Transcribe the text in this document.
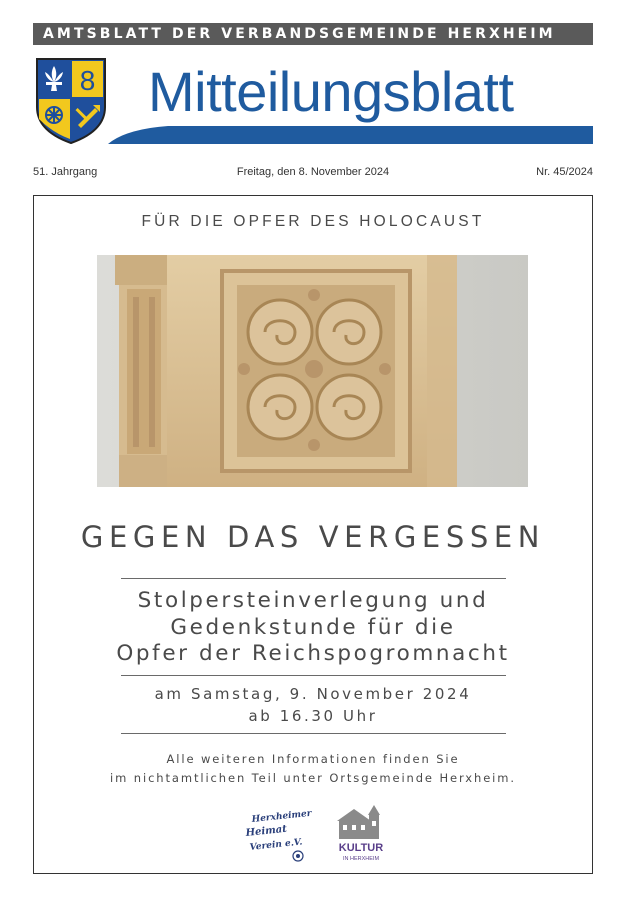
AMTSBLATT DER VERBANDSGEMEINDE HERXHEIM
8 Mitteilungsblatt
51. Jahrgang	Freitag, den 8. November 2024	Nr. 45/2024
FÜR DIE OPFER DES HOLOCAUST
GEGEN DAS VERGESSEN
Stolpersteinverlegung und
Gedenkstunde für die
Opfer der Reichspogromnacht
am Samstag, 9. November 2024
ab 16.30 Uhr
Alle weiteren Informationen finden Sie
im nichtamtlichen Teil unter Ortsgemeinde Herxheim.
Herxheimer
Heimat
Verein e.V.	KULTUR
IN HERXHEIM
